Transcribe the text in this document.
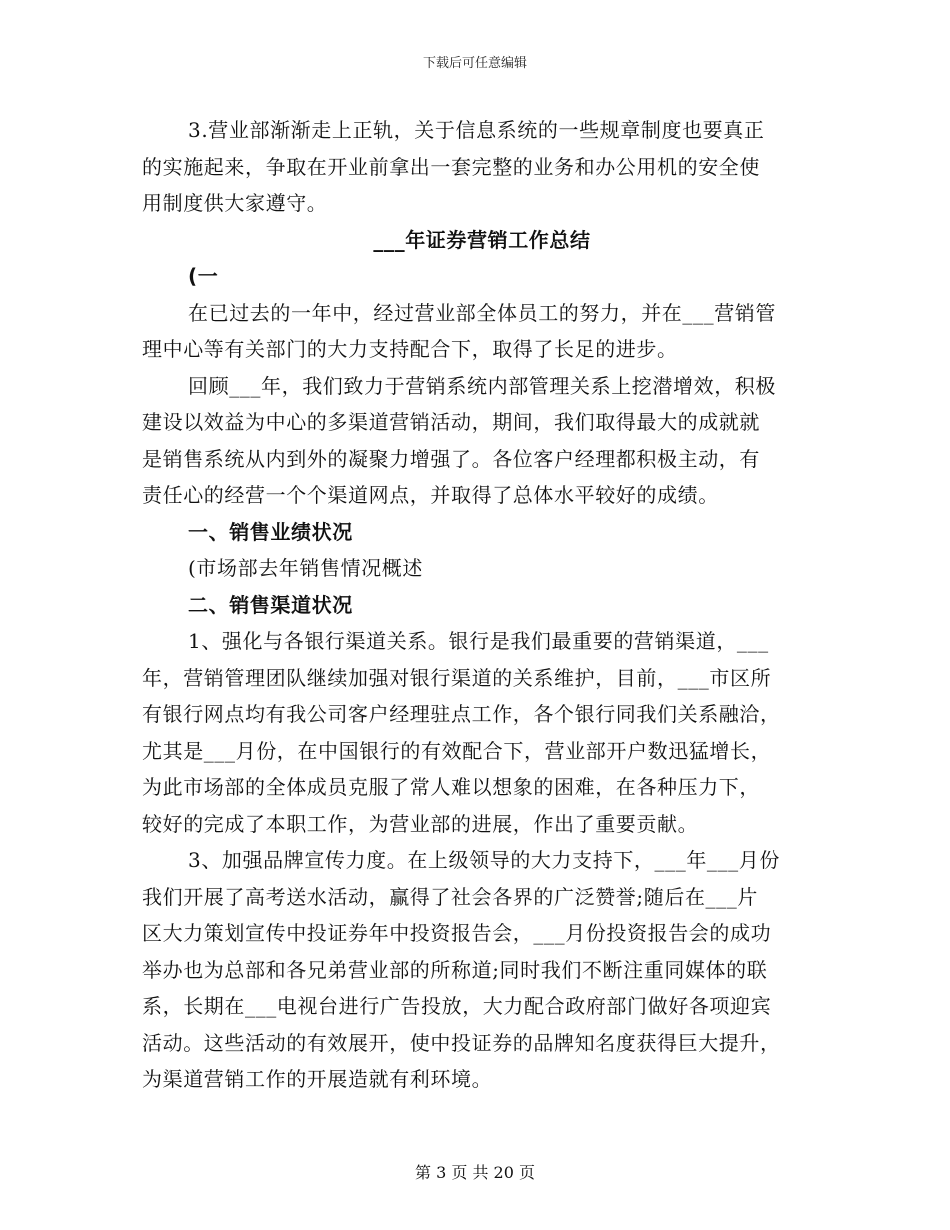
下载后可任意编辑
3.营业部渐渐走上正轨，关于信息系统的一些规章制度也要真正
的实施起来，争取在开业前拿出一套完整的业务和办公用机的安全使
用制度供大家遵守。
___年证券营销工作总结
(一
在已过去的一年中，经过营业部全体员工的努力，并在___营销管
理中心等有关部门的大力支持配合下，取得了长足的进步。
回顾___年，我们致力于营销系统内部管理关系上挖潜增效，积极
建设以效益为中心的多渠道营销活动，期间，我们取得最大的成就就
是销售系统从内到外的凝聚力增强了。各位客户经理都积极主动，有
责任心的经营一个个渠道网点，并取得了总体水平较好的成绩。
一、销售业绩状况
(市场部去年销售情况概述
二、销售渠道状况
1、强化与各银行渠道关系。银行是我们最重要的营销渠道，___
年，营销管理团队继续加强对银行渠道的关系维护，目前，___市区所
有银行网点均有我公司客户经理驻点工作，各个银行同我们关系融洽，
尤其是___月份，在中国银行的有效配合下，营业部开户数迅猛增长，
为此市场部的全体成员克服了常人难以想象的困难，在各种压力下，
较好的完成了本职工作，为营业部的进展，作出了重要贡献。
3、加强品牌宣传力度。在上级领导的大力支持下，___年___月份
我们开展了高考送水活动，赢得了社会各界的广泛赞誉;随后在___片
区大力策划宣传中投证券年中投资报告会，___月份投资报告会的成功
举办也为总部和各兄弟营业部的所称道;同时我们不断注重同媒体的联
系，长期在___电视台进行广告投放，大力配合政府部门做好各项迎宾
活动。这些活动的有效展开，使中投证券的品牌知名度获得巨大提升，
为渠道营销工作的开展造就有利环境。
第 3 页 共 20 页
